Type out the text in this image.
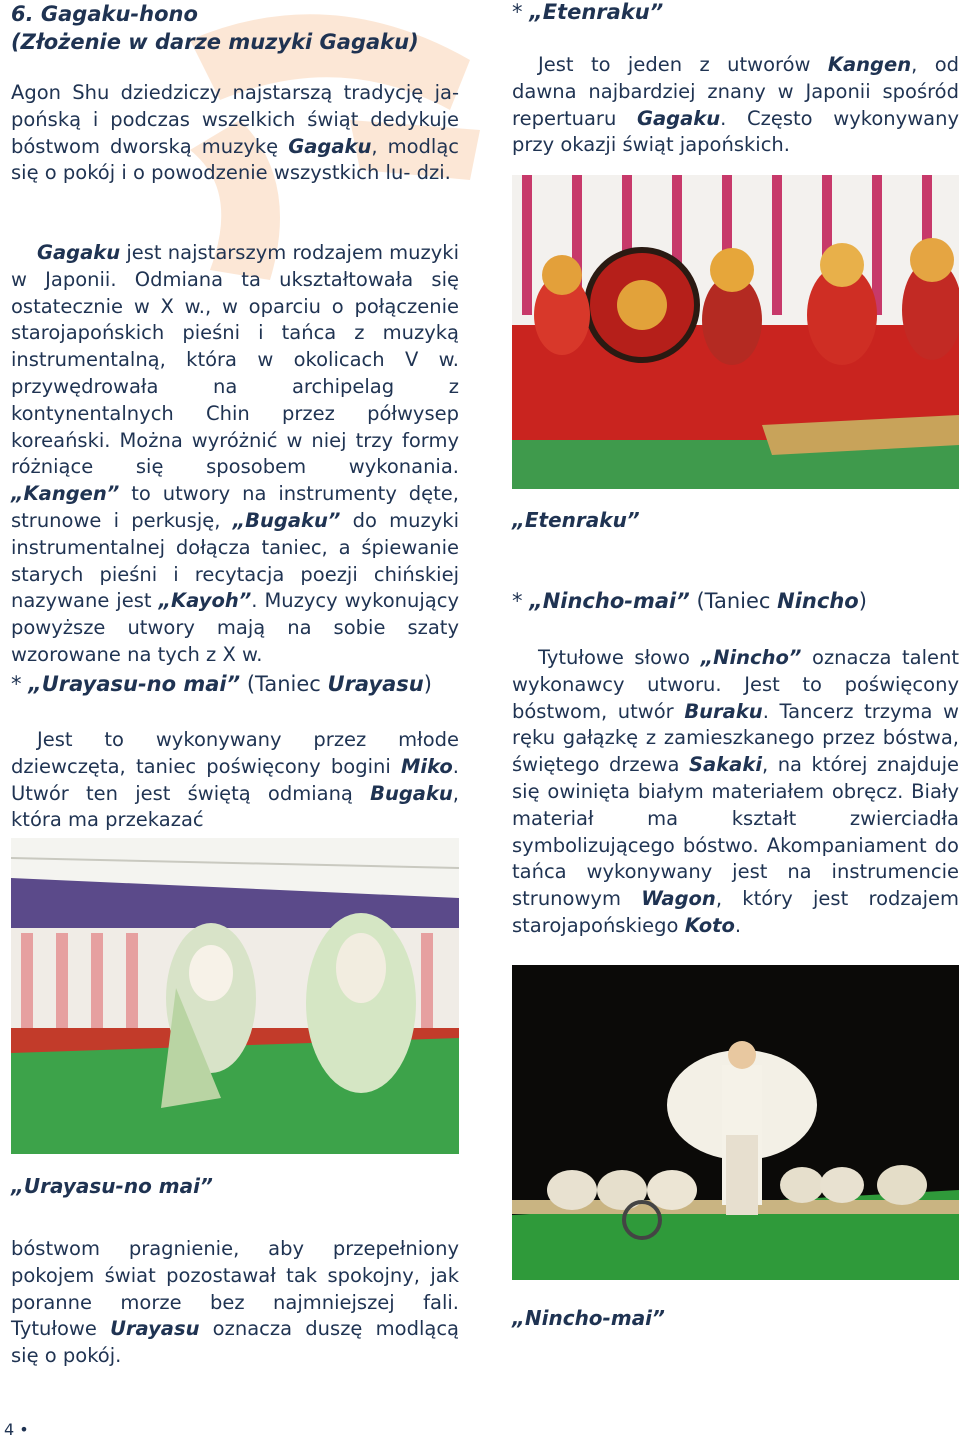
6. Gagaku-hono
(Złożenie w darze muzyki Gagaku)
Agon Shu dziedziczy najstarszą tradycję ja- pońską i podczas wszelkich świąt dedykuje bóstwom dworską muzykę Gagaku, modląc się o pokój i o powodzenie wszystkich lu- dzi.
Gagaku jest najstarszym rodzajem muzyki w Japonii. Odmiana ta ukształtowała się ostatecznie w X w., w oparciu o połączenie starojapońskich pieśni i tańca z muzyką instrumentalną, która w okolicach V w. przywędrowała na archipelag z kontynentalnych Chin przez półwysep koreański. Można wyróżnić w niej trzy formy różniące się sposobem wykonania. „Kangen” to utwory na instrumenty dęte, strunowe i perkusję, „Bugaku” do muzyki instrumentalnej dołącza taniec, a śpiewanie starych pieśni i recytacja poezji chińskiej nazywane jest „Kayoh”. Muzycy wykonujący powyższe utwory mają na sobie szaty wzorowane na tych z X w.
* „Urayasu-no mai” (Taniec Urayasu)
Jest to wykonywany przez młode dziewczęta, taniec poświęcony bogini Miko. Utwór ten jest świętą odmianą Bugaku, która ma przekazać
„Urayasu-no mai”
bóstwom pragnienie, aby przepełniony pokojem świat pozostawał tak spokojny, jak poranne morze bez najmniejszej fali. Tytułowe Urayasu oznacza duszę modlącą się o pokój.
* „Etenraku”
Jest to jeden z utworów Kangen, od dawna najbardziej znany w Japonii spośród repertuaru Gagaku. Często wykonywany przy okazji świąt japońskich.
„Etenraku”
* „Nincho-mai” (Taniec Nincho)
Tytułowe słowo „Nincho” oznacza talent wykonawcy utworu. Jest to poświęcony bóstwom, utwór Buraku. Tancerz trzyma w ręku gałązkę z zamieszkanego przez bóstwa, świętego drzewa Sakaki, na której znajduje się owinięta białym materiałem obręcz. Biały materiał ma kształt zwierciadła symbolizującego bóstwo. Akompaniament do tańca wykonywany jest na instrumencie strunowym Wagon, który jest rodzajem starojapońskiego Koto.
„Nincho-mai”
4 •
